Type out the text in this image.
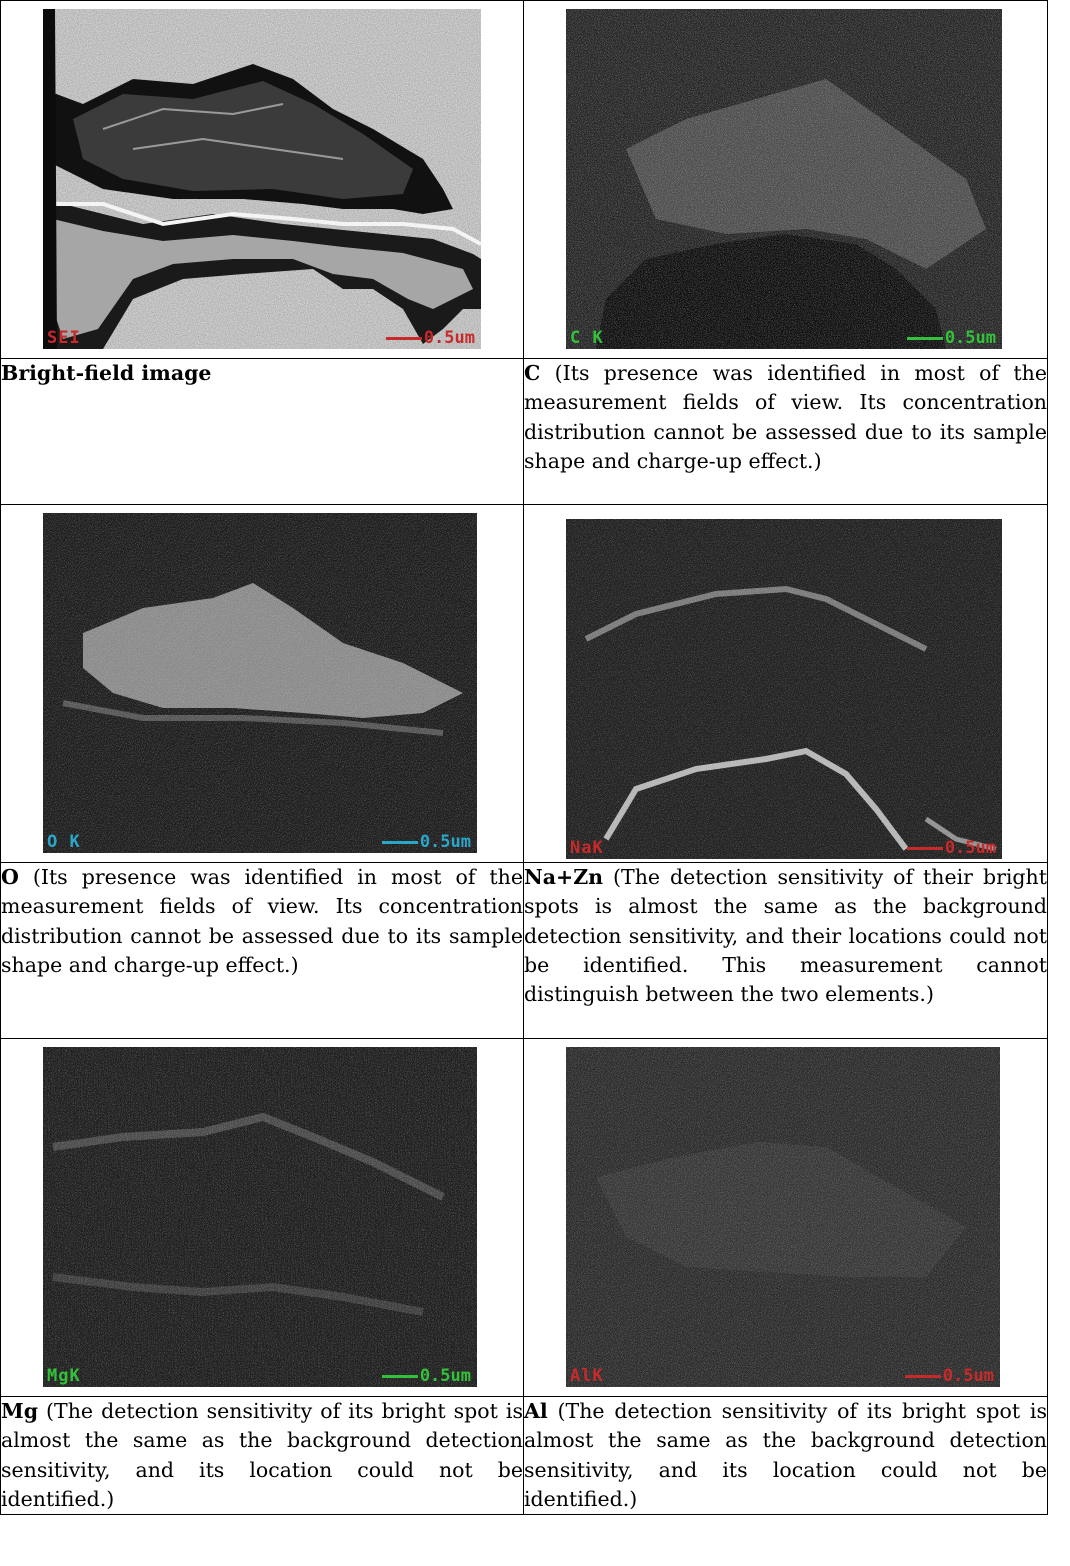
SEI 0.5um	C K 0.5um

Bright-field image	C (Its presence was identified in most of the measurement fields of view. Its concentration distribution cannot be assessed due to its sample shape and charge-up effect.)

O K 0.5um	NaK 0.5um

O (Its presence was identified in most of the measurement fields of view. Its concentration distribution cannot be assessed due to its sample shape and charge-up effect.)	Na+Zn (The detection sensitivity of their bright spots is almost the same as the background detection sensitivity, and their locations could not be identified. This measurement cannot distinguish between the two elements.)

MgK 0.5um	AlK 0.5um

Mg (The detection sensitivity of its bright spot is almost the same as the background detection sensitivity, and its location could not be identified.)	Al (The detection sensitivity of its bright spot is almost the same as the background detection sensitivity, and its location could not be identified.)
